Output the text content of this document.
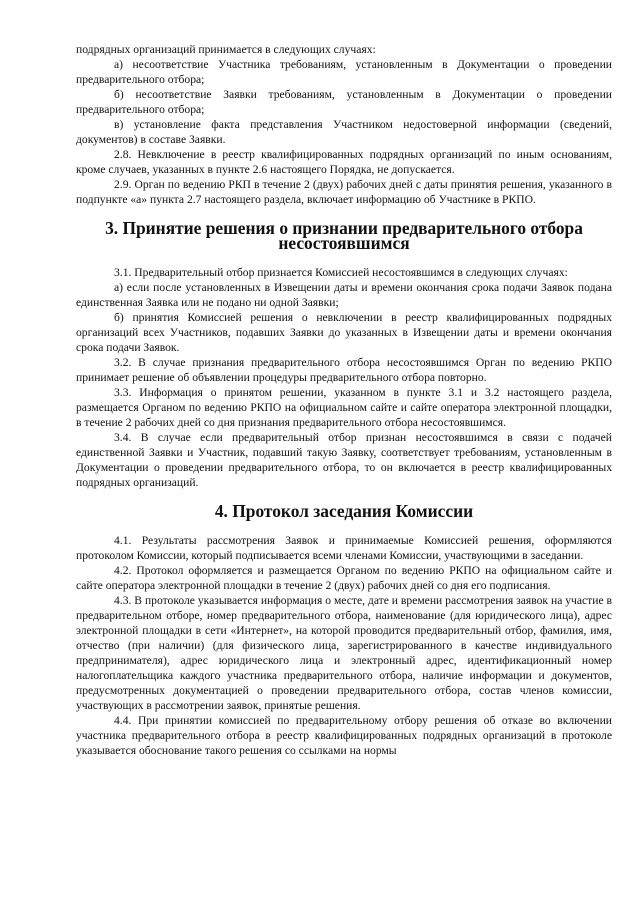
подрядных организаций принимается в следующих случаях:

а) несоответствие Участника требованиям, установленным в Документации о проведении предварительного отбора;

б) несоответствие Заявки требованиям, установленным в Документации о проведении предварительного отбора;

в) установление факта представления Участником недостоверной информации (сведений, документов) в составе Заявки.

2.8. Невключение в реестр квалифицированных подрядных организаций по иным основаниям, кроме случаев, указанных в пункте 2.6 настоящего Порядка, не допускается.

2.9. Орган по ведению РКП в течение 2 (двух) рабочих дней с даты принятия решения, указанного в подпункте «а» пункта 2.7 настоящего раздела, включает информацию об Участнике в РКПО.

3. Принятие решения о признании предварительного отбора несостоявшимся

3.1. Предварительный отбор признается Комиссией несостоявшимся в следующих случаях:

а) если после установленных в Извещении даты и времени окончания срока подачи Заявок подана единственная Заявка или не подано ни одной Заявки;

б) принятия Комиссией решения о невключении в реестр квалифицированных подрядных организаций всех Участников, подавших Заявки до указанных в Извещении даты и времени окончания срока подачи Заявок.

3.2. В случае признания предварительного отбора несостоявшимся Орган по ведению РКПО принимает решение об объявлении процедуры предварительного отбора повторно.

3.3. Информация о принятом решении, указанном в пункте 3.1 и 3.2 настоящего раздела, размещается Органом по ведению РКПО на официальном сайте и сайте оператора электронной площадки, в течение 2 рабочих дней со дня признания предварительного отбора несостоявшимся.

3.4. В случае если предварительный отбор признан несостоявшимся в связи с подачей единственной Заявки и Участник, подавший такую Заявку, соответствует требованиям, установленным в Документации о проведении предварительного отбора, то он включается в реестр квалифицированных подрядных организаций.

4. Протокол заседания Комиссии

4.1. Результаты рассмотрения Заявок и принимаемые Комиссией решения, оформляются протоколом Комиссии, который подписывается всеми членами Комиссии, участвующими в заседании.

4.2. Протокол оформляется и размещается Органом по ведению РКПО на официальном сайте и сайте оператора электронной площадки в течение 2 (двух) рабочих дней со дня его подписания.

4.3. В протоколе указывается информация о месте, дате и времени рассмотрения заявок на участие в предварительном отборе, номер предварительного отбора, наименование (для юридического лица), адрес электронной площадки в сети «Интернет», на которой проводится предварительный отбор, фамилия, имя, отчество (при наличии) (для физического лица, зарегистрированного в качестве индивидуального предпринимателя), адрес юридического лица и электронный адрес, идентификационный номер налогоплательщика каждого участника предварительного отбора, наличие информации и документов, предусмотренных документацией о проведении предварительного отбора, состав членов комиссии, участвующих в рассмотрении заявок, принятые решения.

4.4. При принятии комиссией по предварительному отбору решения об отказе во включении участника предварительного отбора в реестр квалифицированных подрядных организаций в протоколе указывается обоснование такого решения со ссылками на нормы
